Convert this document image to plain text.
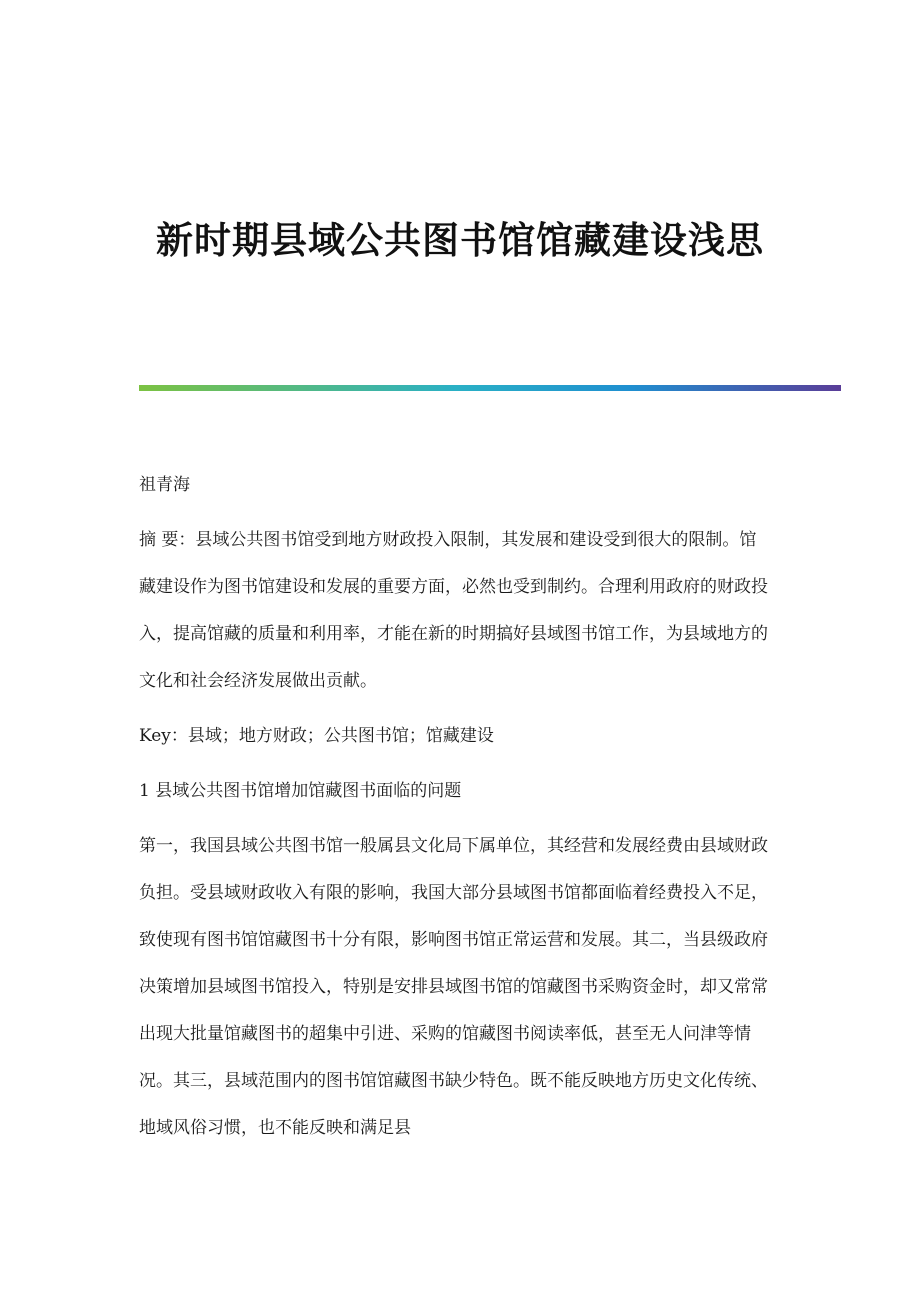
新时期县域公共图书馆馆藏建设浅思

祖青海

摘 要：县域公共图书馆受到地方财政投入限制，其发展和建设受到很大的限制。馆藏建设作为图书馆建设和发展的重要方面，必然也受到制约。合理利用政府的财政投入，提高馆藏的质量和利用率，才能在新的时期搞好县域图书馆工作，为县域地方的文化和社会经济发展做出贡献。

Key：县域；地方财政；公共图书馆；馆藏建设

1 县域公共图书馆增加馆藏图书面临的问题

第一，我国县域公共图书馆一般属县文化局下属单位，其经营和发展经费由县域财政负担。受县域财政收入有限的影响，我国大部分县域图书馆都面临着经费投入不足，致使现有图书馆馆藏图书十分有限，影响图书馆正常运营和发展。其二，当县级政府决策增加县域图书馆投入，特别是安排县域图书馆的馆藏图书采购资金时，却又常常出现大批量馆藏图书的超集中引进、采购的馆藏图书阅读率低，甚至无人问津等情况。其三，县域范围内的图书馆馆藏图书缺少特色。既不能反映地方历史文化传统、地域风俗习惯，也不能反映和满足县
